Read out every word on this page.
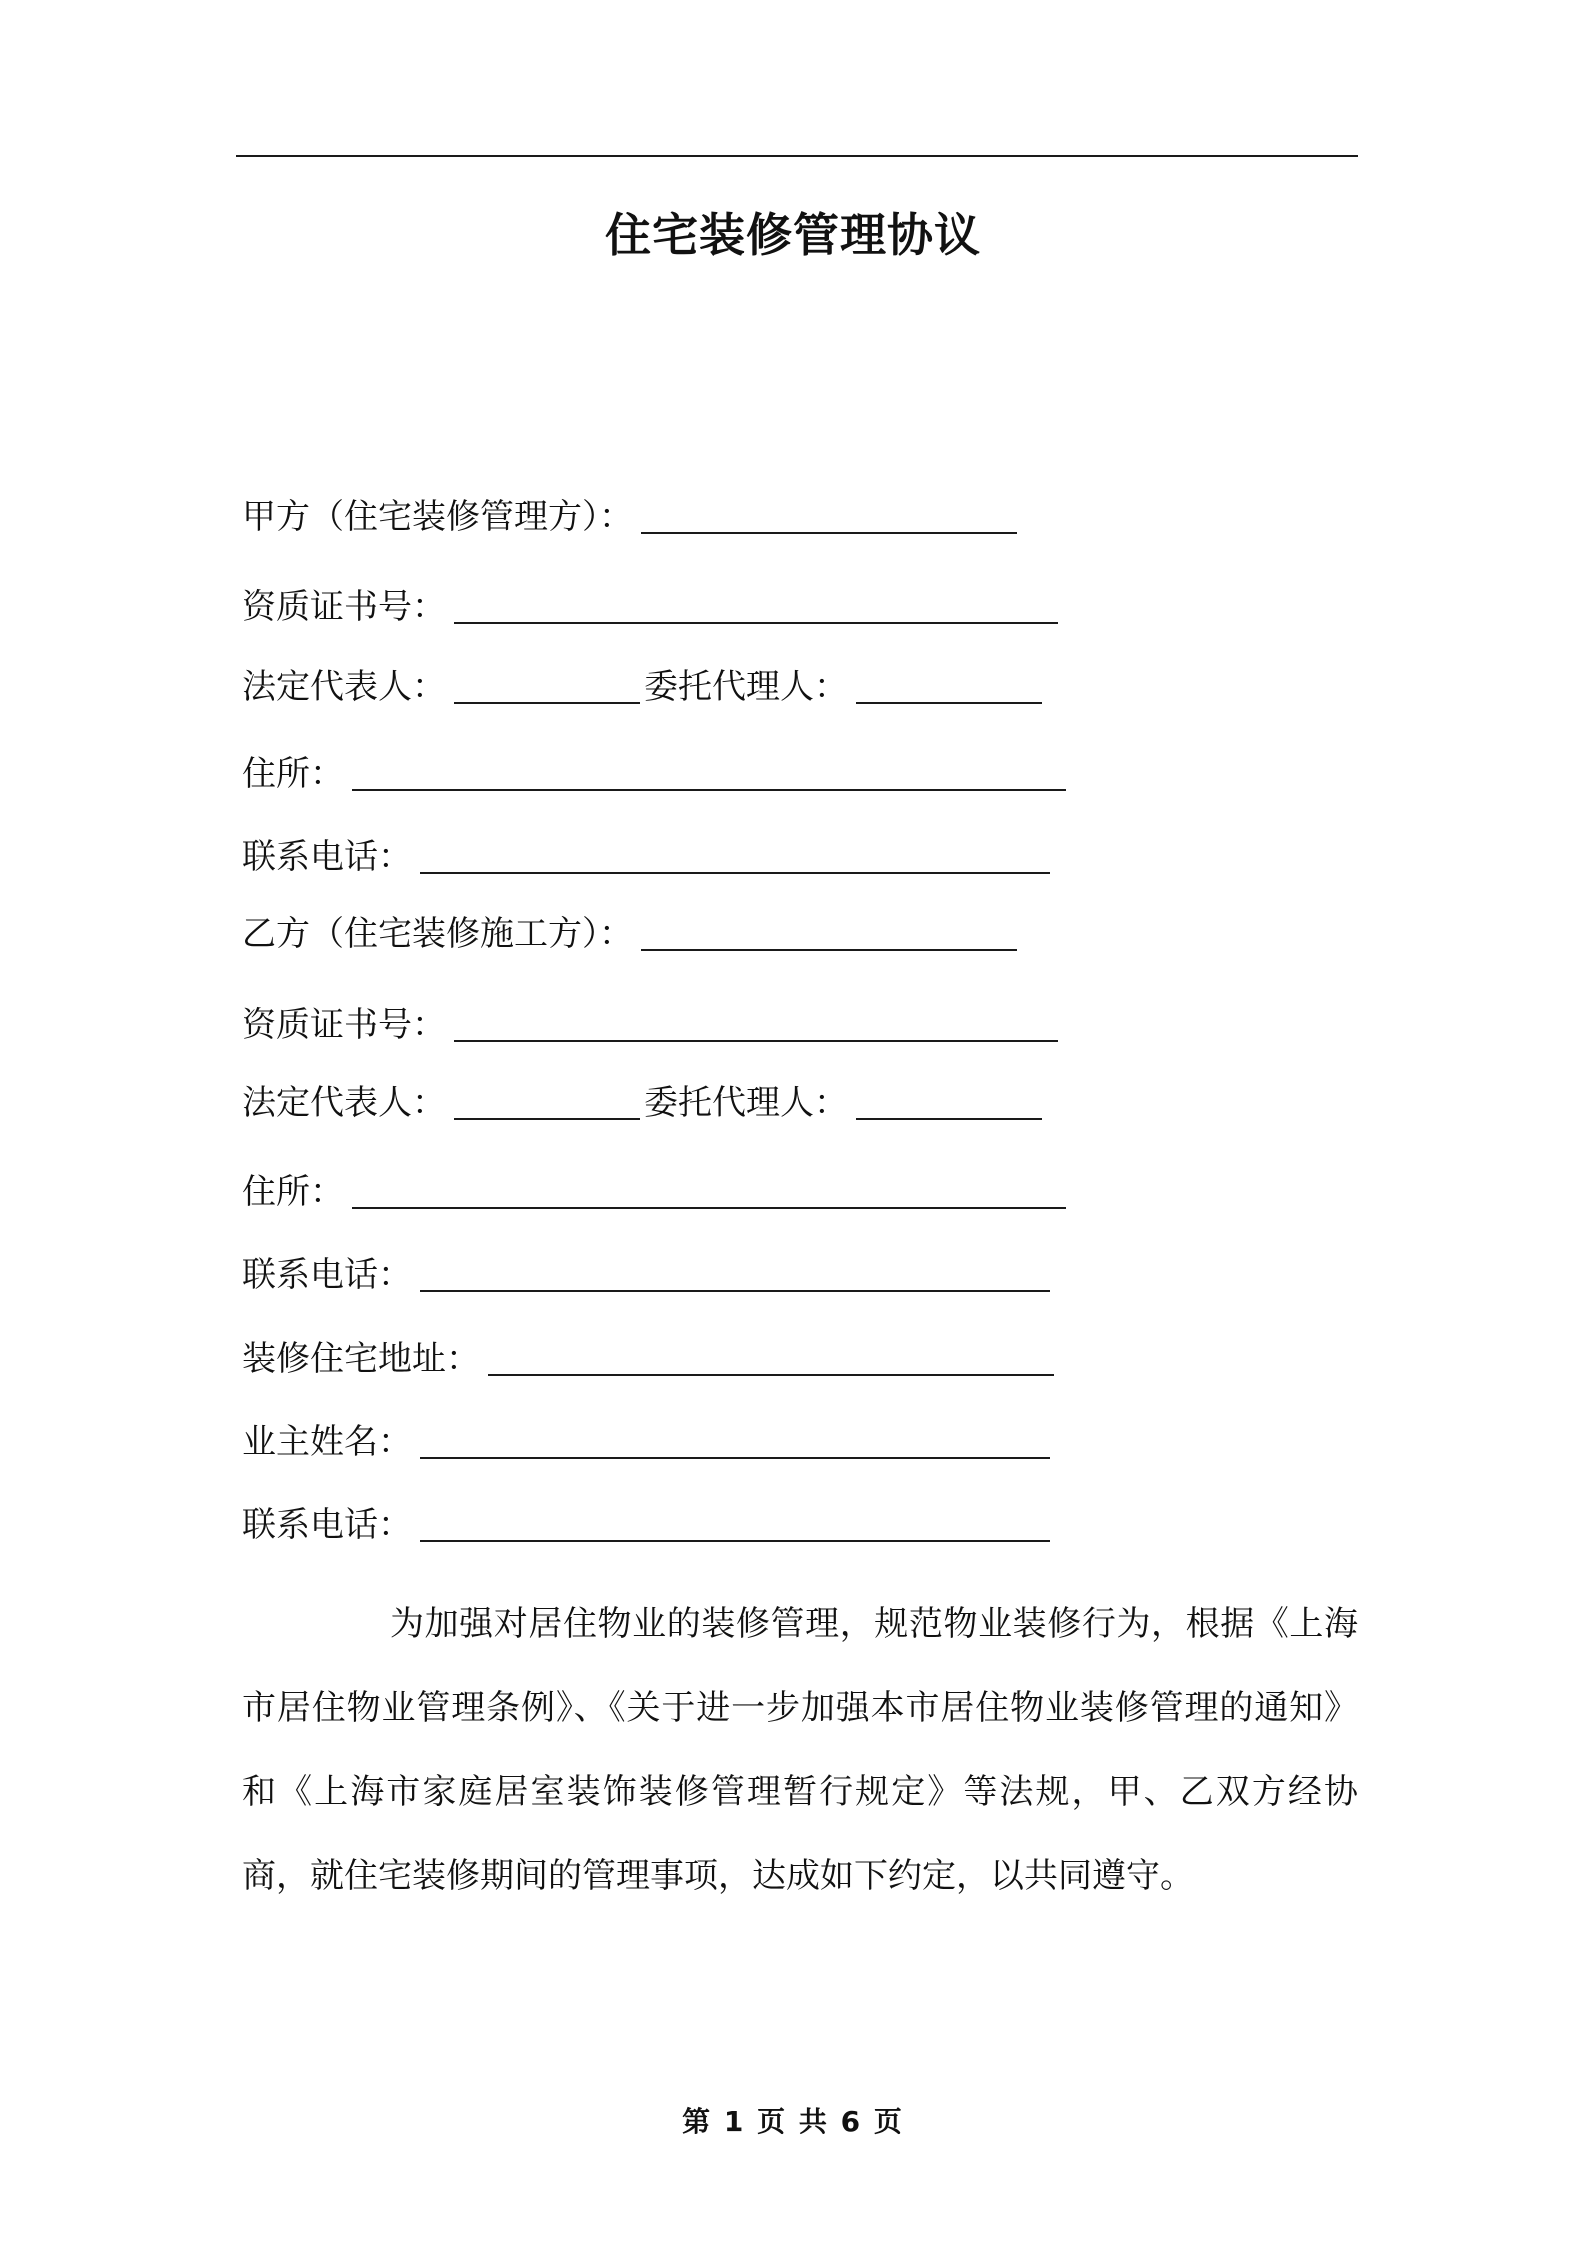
住宅装修管理协议
甲方（住宅装修管理方）：
资质证书号：
法定代表人：	委托代理人：
住所：
联系电话：
乙方（住宅装修施工方）：
资质证书号：
法定代表人：	委托代理人：
住所：
联系电话：
装修住宅地址：
业主姓名：
联系电话：

为加强对居住物业的装修管理，规范物业装修行为，根据《上海市居住物业管理条例》、《关于进一步加强本市居住物业装修管理的通知》和《上海市家庭居室装饰装修管理暂行规定》等法规，甲、乙双方经协商，就住宅装修期间的管理事项，达成如下约定，以共同遵守。

第 1 页 共 6 页
